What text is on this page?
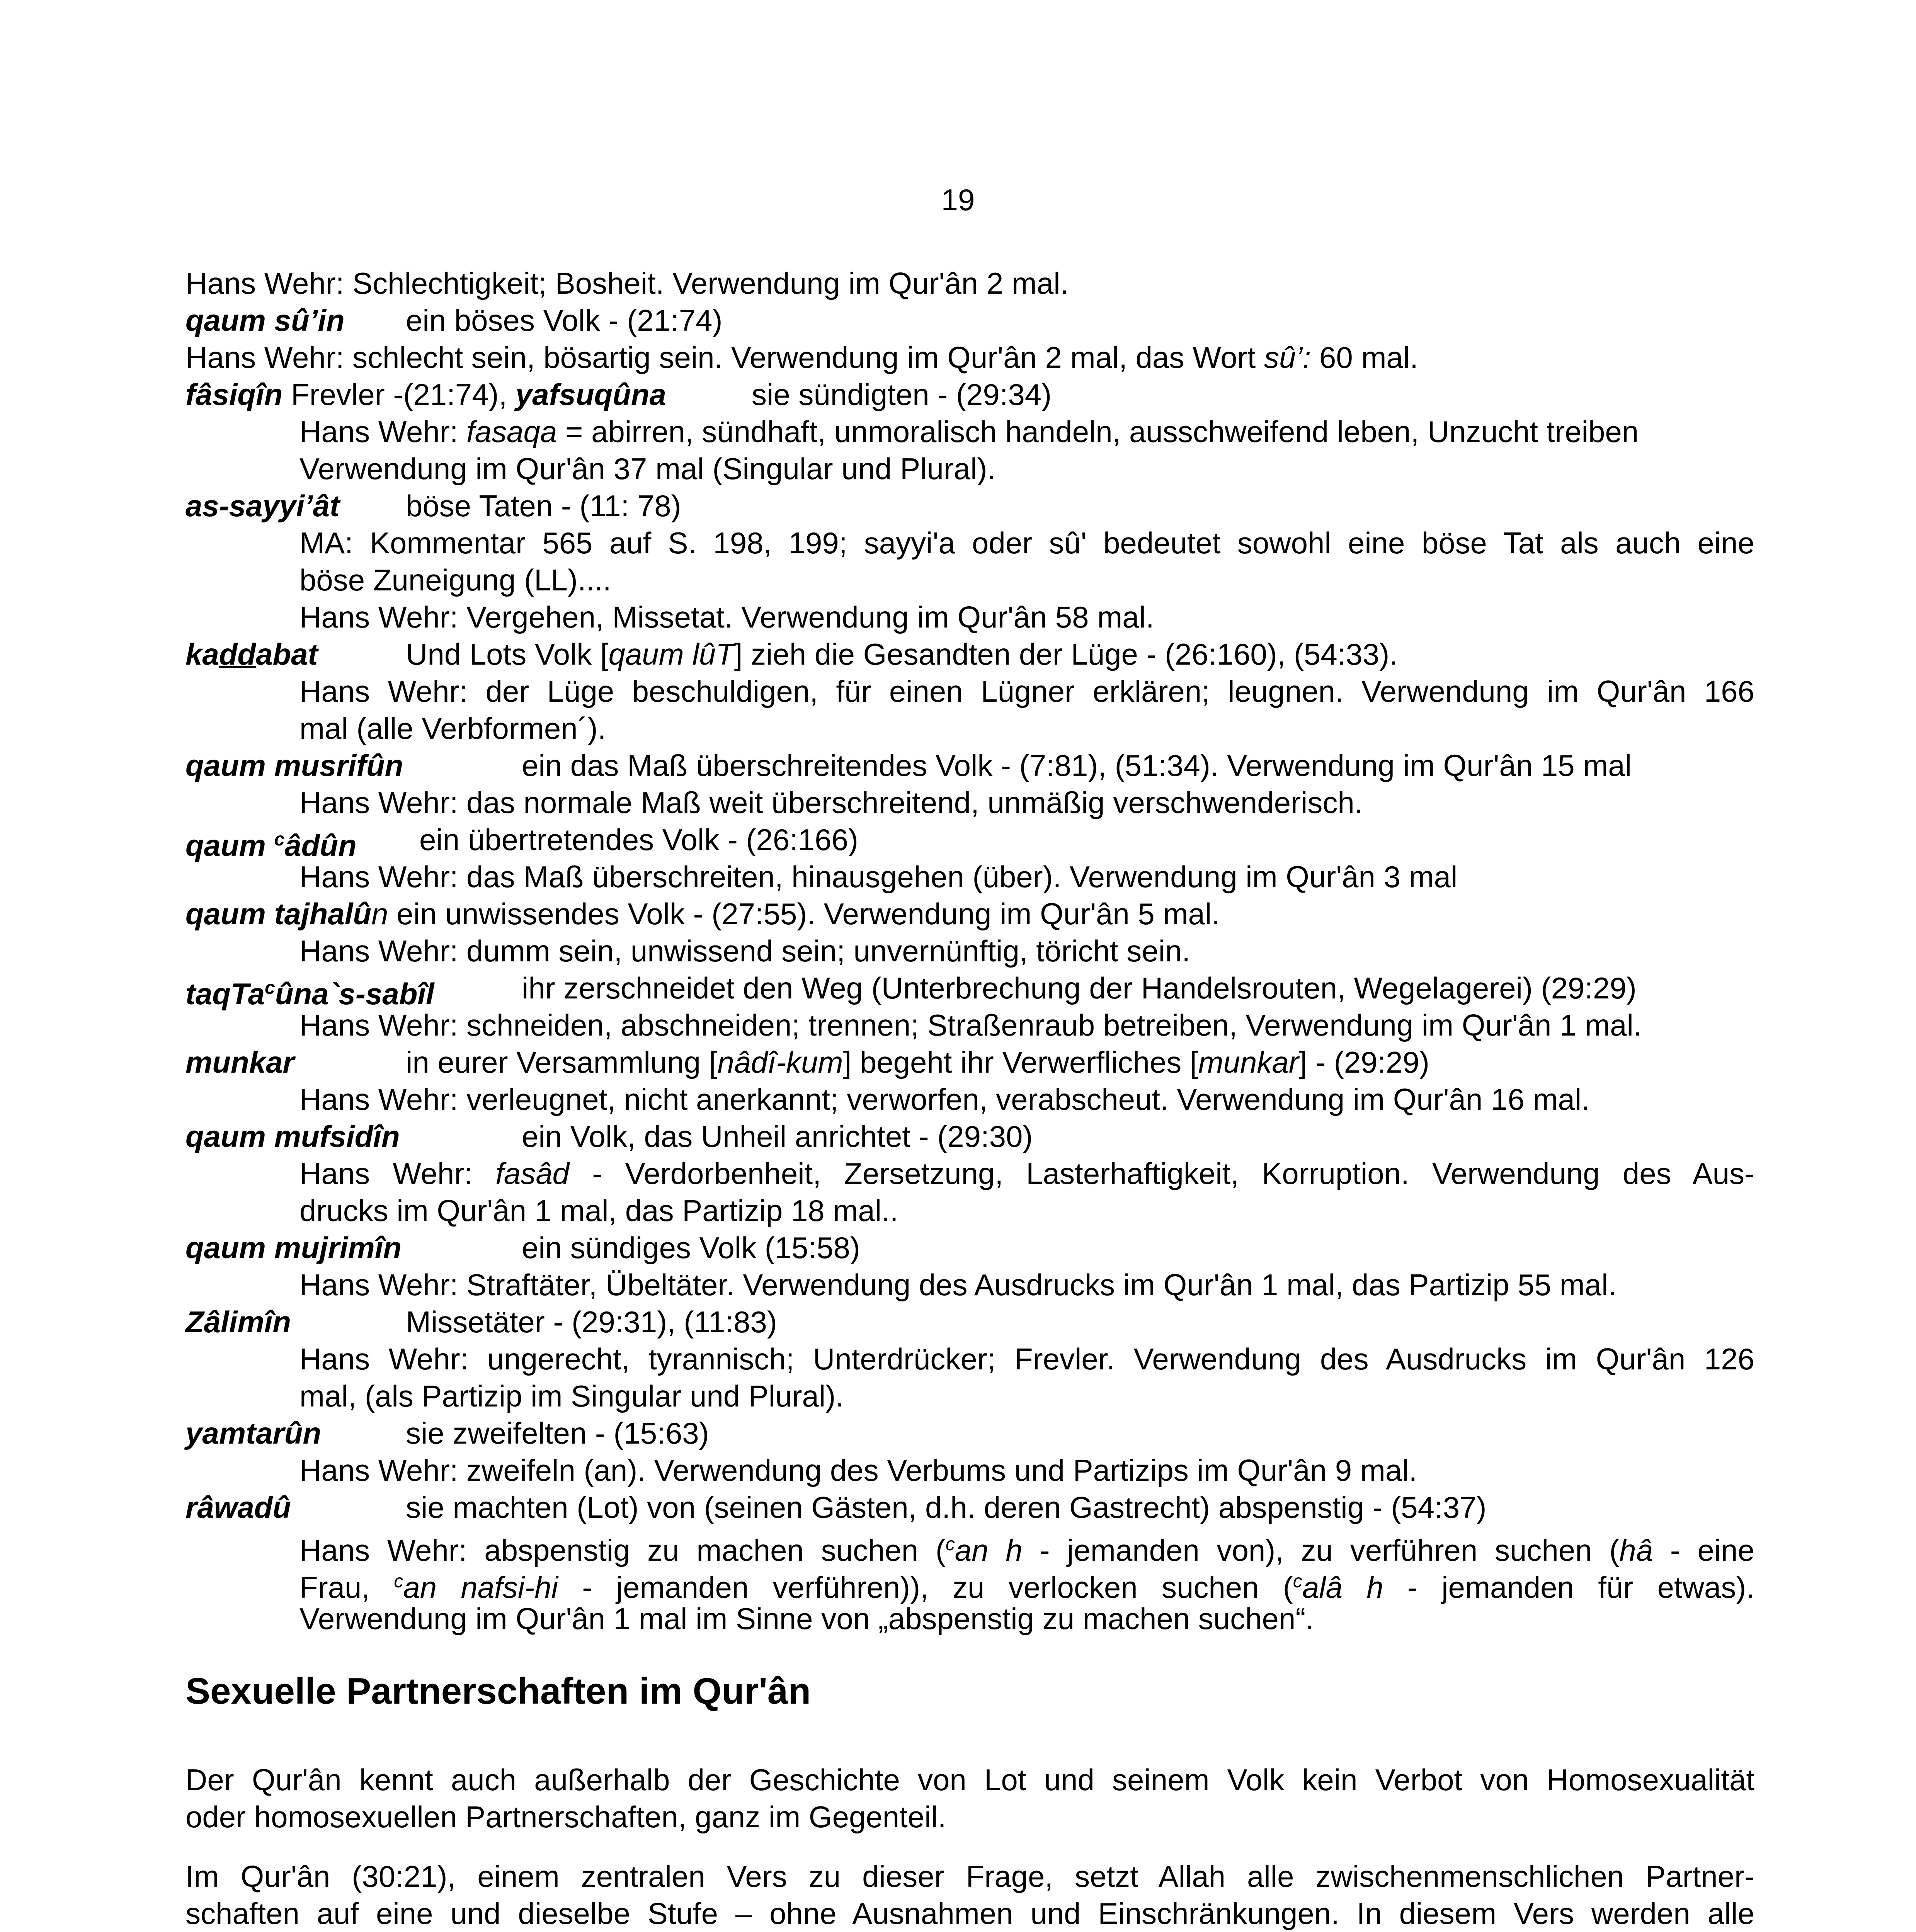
19
Hans Wehr: Schlechtigkeit; Bosheit. Verwendung im Qur'ân 2 mal.
qaum sû’in ein böses Volk - (21:74)
Hans Wehr: schlecht sein, bösartig sein. Verwendung im Qur'ân 2 mal, das Wort sû’: 60 mal.
fâsiqîn Frevler -(21:74), yafsuqûna	sie sündigten - (29:34)
Hans Wehr: fasaqa = abirren, sündhaft, unmoralisch handeln, ausschweifend leben, Unzucht treiben
Verwendung im Qur'ân 37 mal (Singular und Plural).
as-sayyi’ât böse Taten - (11: 78)
MA: Kommentar 565 auf S. 198, 199; sayyi'a oder sû' bedeutet sowohl eine böse Tat als auch eine
böse Zuneigung (LL)....
Hans Wehr: Vergehen, Missetat. Verwendung im Qur'ân 58 mal.
kaddabat	Und Lots Volk [qaum lûT] zieh die Gesandten der Lüge - (26:160), (54:33).
Hans Wehr: der Lüge beschuldigen, für einen Lügner erklären; leugnen. Verwendung im Qur'ân 166
mal (alle Verbformen´).
qaum musrifûn	ein das Maß überschreitendes Volk - (7:81), (51:34). Verwendung im Qur'ân 15 mal
Hans Wehr: das normale Maß weit überschreitend, unmäßig verschwenderisch.
qaum $^c$âdûn ein übertretendes Volk - (26:166)
Hans Wehr: das Maß überschreiten, hinausgehen (über). Verwendung im Qur'ân 3 mal
qaum tajhalûn ein unwissendes Volk - (27:55). Verwendung im Qur'ân 5 mal.
Hans Wehr: dumm sein, unwissend sein; unvernünftig, töricht sein.
taqTa$^c$ûna`s-sabîl	ihr zerschneidet den Weg (Unterbrechung der Handelsrouten, Wegelagerei) (29:29)
Hans Wehr: schneiden, abschneiden; trennen; Straßenraub betreiben, Verwendung im Qur'ân 1 mal.
munkar	in eurer Versammlung [nâdî-kum] begeht ihr Verwerfliches [munkar] - (29:29)
Hans Wehr: verleugnet, nicht anerkannt; verworfen, verabscheut. Verwendung im Qur'ân 16 mal.
qaum mufsidîn	ein Volk, das Unheil anrichtet - (29:30)
Hans Wehr: fasâd - Verdorbenheit, Zersetzung, Lasterhaftigkeit, Korruption. Verwendung des Aus-
drucks im Qur'ân 1 mal, das Partizip 18 mal..
qaum mujrimîn	ein sündiges Volk (15:58)
Hans Wehr: Straftäter, Übeltäter. Verwendung des Ausdrucks im Qur'ân 1 mal, das Partizip 55 mal.
Zâlimîn	Missetäter - (29:31), (11:83)
Hans Wehr: ungerecht, tyrannisch; Unterdrücker; Frevler. Verwendung des Ausdrucks im Qur'ân 126
mal, (als Partizip im Singular und Plural).
yamtarûn	sie zweifelten - (15:63)
Hans Wehr: zweifeln (an). Verwendung des Verbums und Partizips im Qur'ân 9 mal.
râwadû	sie machten (Lot) von (seinen Gästen, d.h. deren Gastrecht) abspenstig - (54:37)
Hans Wehr: abspenstig zu machen suchen ($^c$an h - jemanden von), zu verführen suchen (hâ - eine
Frau, $^c$an nafsi-hi - jemanden verführen)), zu verlocken suchen ($^c$alâ h - jemanden für etwas).
Verwendung im Qur'ân 1 mal im Sinne von „abspenstig zu machen suchen“.
Sexuelle Partnerschaften im Qur'ân
Der Qur'ân kennt auch außerhalb der Geschichte von Lot und seinem Volk kein Verbot von Homosexualität
oder homosexuellen Partnerschaften, ganz im Gegenteil.
Im Qur'ân (30:21), einem zentralen Vers zu dieser Frage, setzt Allah alle zwischenmenschlichen Partner-
schaften auf eine und dieselbe Stufe – ohne Ausnahmen und Einschränkungen. In diesem Vers werden alle
